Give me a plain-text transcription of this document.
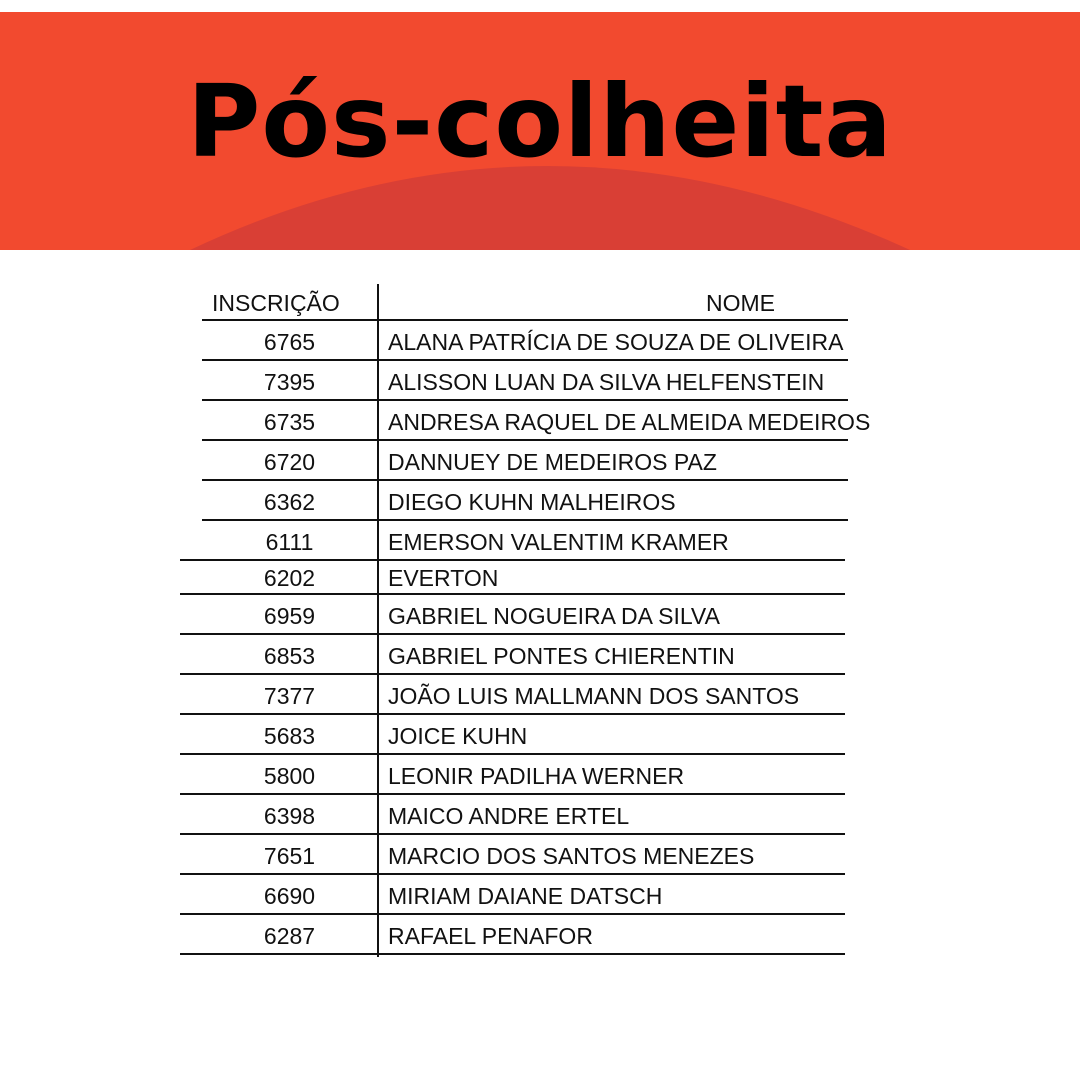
Pós-colheita
INSCRIÇÃO	NOME
6765	ALANA PATRÍCIA DE SOUZA DE OLIVEIRA
7395	ALISSON LUAN DA SILVA HELFENSTEIN
6735	ANDRESA RAQUEL DE ALMEIDA MEDEIROS
6720	DANNUEY DE MEDEIROS PAZ
6362	DIEGO KUHN MALHEIROS
6111	EMERSON VALENTIM KRAMER
6202	EVERTON
6959	GABRIEL NOGUEIRA DA SILVA
6853	GABRIEL PONTES CHIERENTIN
7377	JOÃO LUIS MALLMANN DOS SANTOS
5683	JOICE KUHN
5800	LEONIR PADILHA WERNER
6398	MAICO ANDRE ERTEL
7651	MARCIO DOS SANTOS MENEZES
6690	MIRIAM DAIANE DATSCH
6287	RAFAEL PENAFOR
